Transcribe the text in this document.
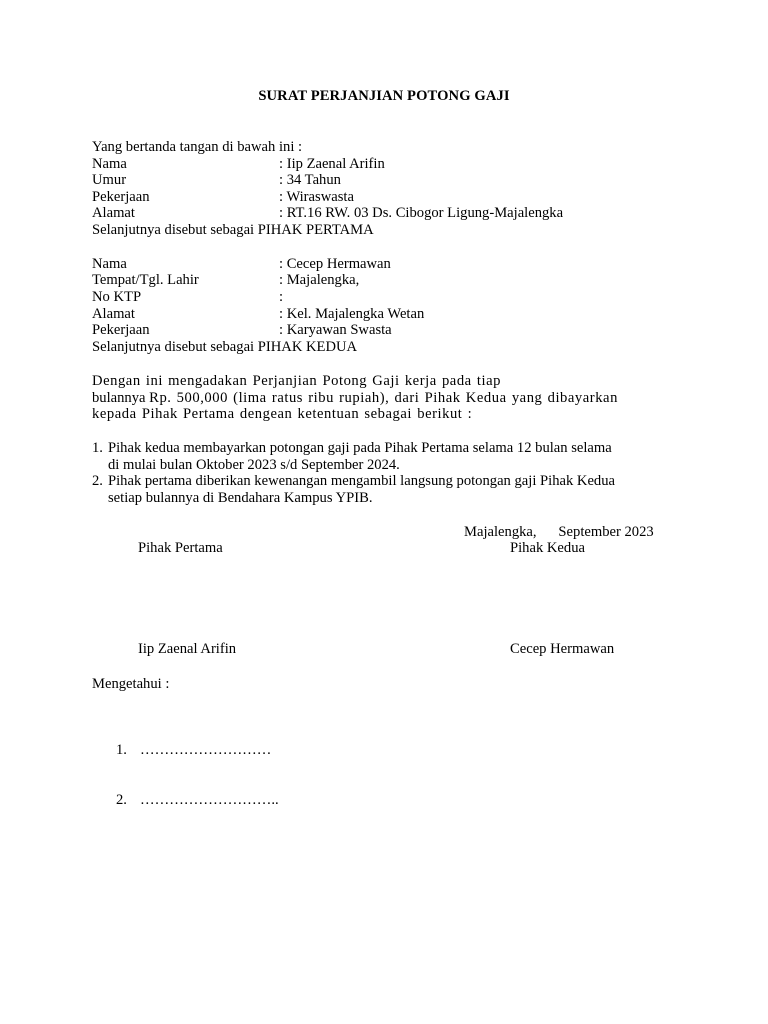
SURAT PERJANJIAN POTONG GAJI
Yang bertanda tangan di bawah ini :
Nama	: Iip Zaenal Arifin
Umur	: 34 Tahun
Pekerjaan	: Wiraswasta
Alamat	: RT.16 RW. 03 Ds. Cibogor Ligung-Majalengka
Selanjutnya disebut sebagai PIHAK PERTAMA
Nama	: Cecep Hermawan
Tempat/Tgl. Lahir	: Majalengka,
No KTP	:
Alamat	: Kel. Majalengka Wetan
Pekerjaan	: Karyawan Swasta
Selanjutnya disebut sebagai PIHAK KEDUA
Dengan ini mengadakan Perjanjian Potong Gaji kerja pada tiap
bulannya Rp. 500,000 (lima ratus ribu rupiah), dari Pihak Kedua yang dibayarkan
kepada Pihak Pertama dengean ketentuan sebagai berikut :
1. Pihak kedua membayarkan potongan gaji pada Pihak Pertama selama 12 bulan selama
di mulai bulan Oktober 2023 s/d September 2024.
2. Pihak pertama diberikan kewenangan mengambil langsung potongan gaji Pihak Kedua
setiap bulannya di Bendahara Kampus YPIB.
Majalengka,      September 2023
Pihak Pertama	Pihak Kedua
Iip Zaenal Arifin	Cecep Hermawan
Mengetahui :
1. ………………………
2. ………………………..
